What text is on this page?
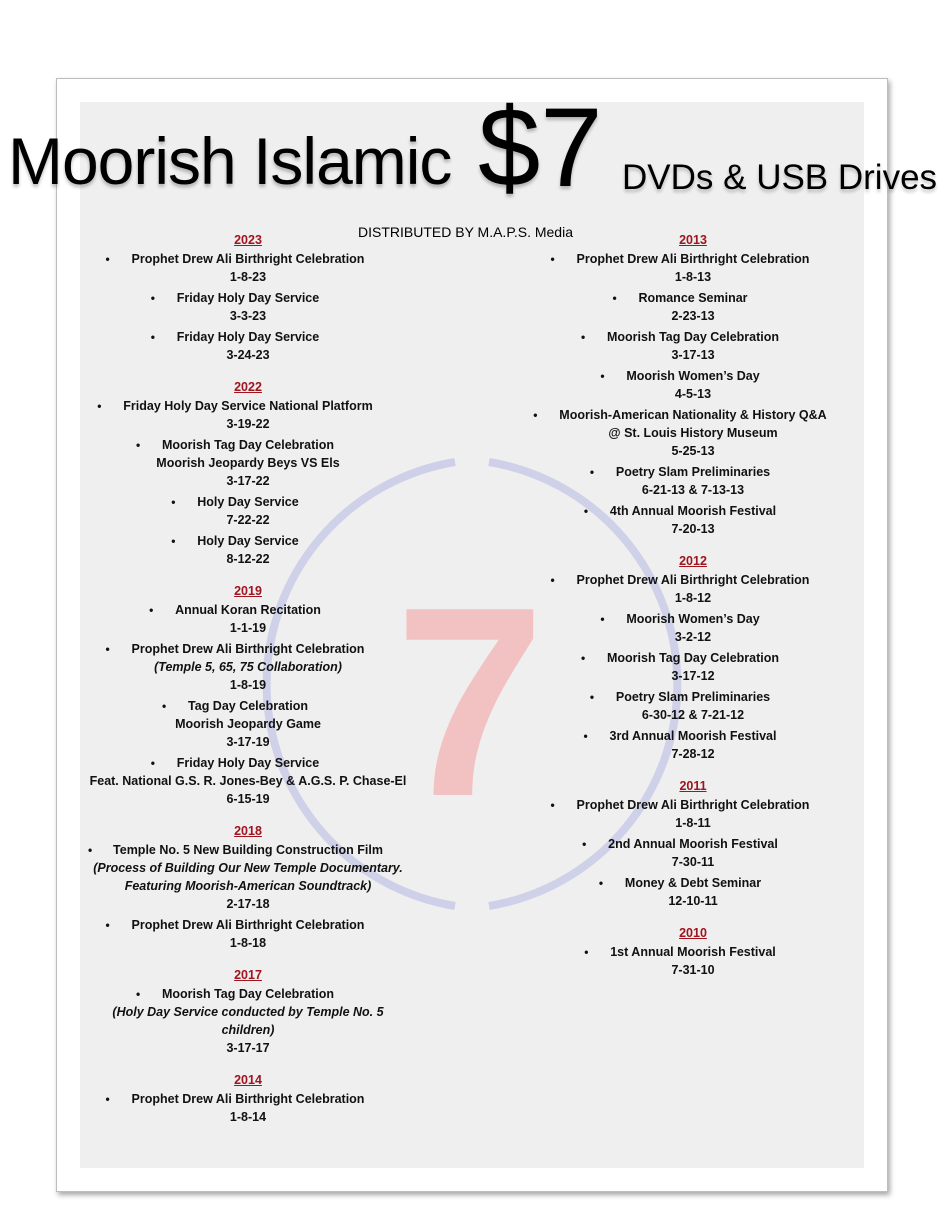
7
Moorish Islamic $7 DVDs & USB Drives
DISTRIBUTED BY M.A.P.S. Media
2023
•	Prophet Drew Ali Birthright Celebration
1-8-23
•	Friday Holy Day Service
3-3-23
•	Friday Holy Day Service
3-24-23
2022
•	Friday Holy Day Service National Platform
3-19-22
•	Moorish Tag Day Celebration
Moorish Jeopardy Beys VS Els
3-17-22
•	Holy Day Service
7-22-22
•	Holy Day Service
8-12-22
2019
•	Annual Koran Recitation
1-1-19
•	Prophet Drew Ali Birthright Celebration
(Temple 5, 65, 75 Collaboration)
1-8-19
•	Tag Day Celebration
Moorish Jeopardy Game
3-17-19
•	Friday Holy Day Service
Feat. National G.S. R. Jones-Bey & A.G.S. P. Chase-El
6-15-19
2018
•	Temple No. 5 New Building Construction Film
(Process of Building Our New Temple Documentary.
Featuring Moorish-American Soundtrack)
2-17-18
•	Prophet Drew Ali Birthright Celebration
1-8-18
2017
•	Moorish Tag Day Celebration
(Holy Day Service conducted by Temple No. 5 children)
3-17-17
2014
•	Prophet Drew Ali Birthright Celebration
1-8-14
2013
•	Prophet Drew Ali Birthright Celebration
1-8-13
•	Romance Seminar
2-23-13
•	Moorish Tag Day Celebration
3-17-13
•	Moorish Women’s Day
4-5-13
•	Moorish-American Nationality & History Q&A
@ St. Louis History Museum
5-25-13
•	Poetry Slam Preliminaries
6-21-13 & 7-13-13
•	4th Annual Moorish Festival
7-20-13
2012
•	Prophet Drew Ali Birthright Celebration
1-8-12
•	Moorish Women’s Day
3-2-12
•	Moorish Tag Day Celebration
3-17-12
•	Poetry Slam Preliminaries
6-30-12 & 7-21-12
•	3rd Annual Moorish Festival
7-28-12
2011
•	Prophet Drew Ali Birthright Celebration
1-8-11
•	2nd Annual Moorish Festival
7-30-11
•	Money & Debt Seminar
12-10-11
2010
•	1st Annual Moorish Festival
7-31-10
